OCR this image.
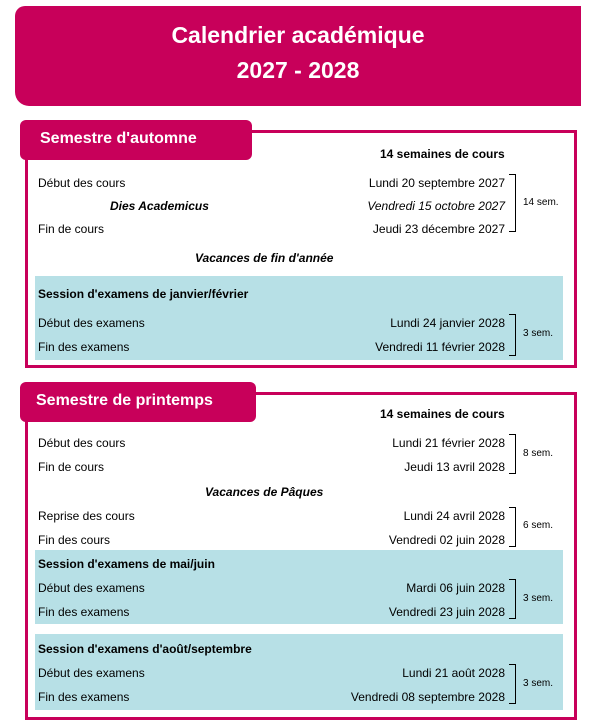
Calendrier académique
2027 - 2028
Semestre d'automne
14 semaines de cours
Début des cours	Lundi 20 septembre 2027
Dies Academicus	Vendredi 15 octobre 2027
Fin de cours	Jeudi 23 décembre 2027
14 sem.
Vacances de fin d'année
Session d'examens de janvier/février
Début des examens	Lundi 24 janvier 2028
Fin des examens	Vendredi 11 février 2028
3 sem.
Semestre de printemps
14 semaines de cours
Début des cours	Lundi 21 février 2028
Fin de cours	Jeudi 13 avril 2028
8 sem.
Vacances de Pâques
Reprise des cours	Lundi 24 avril 2028
Fin des cours	Vendredi 02 juin 2028
6 sem.
Session d'examens de mai/juin
Début des examens	Mardi 06 juin 2028
Fin des examens	Vendredi 23 juin 2028
3 sem.
Session d'examens d'août/septembre
Début des examens	Lundi 21 août 2028
Fin des examens	Vendredi 08 septembre 2028
3 sem.
